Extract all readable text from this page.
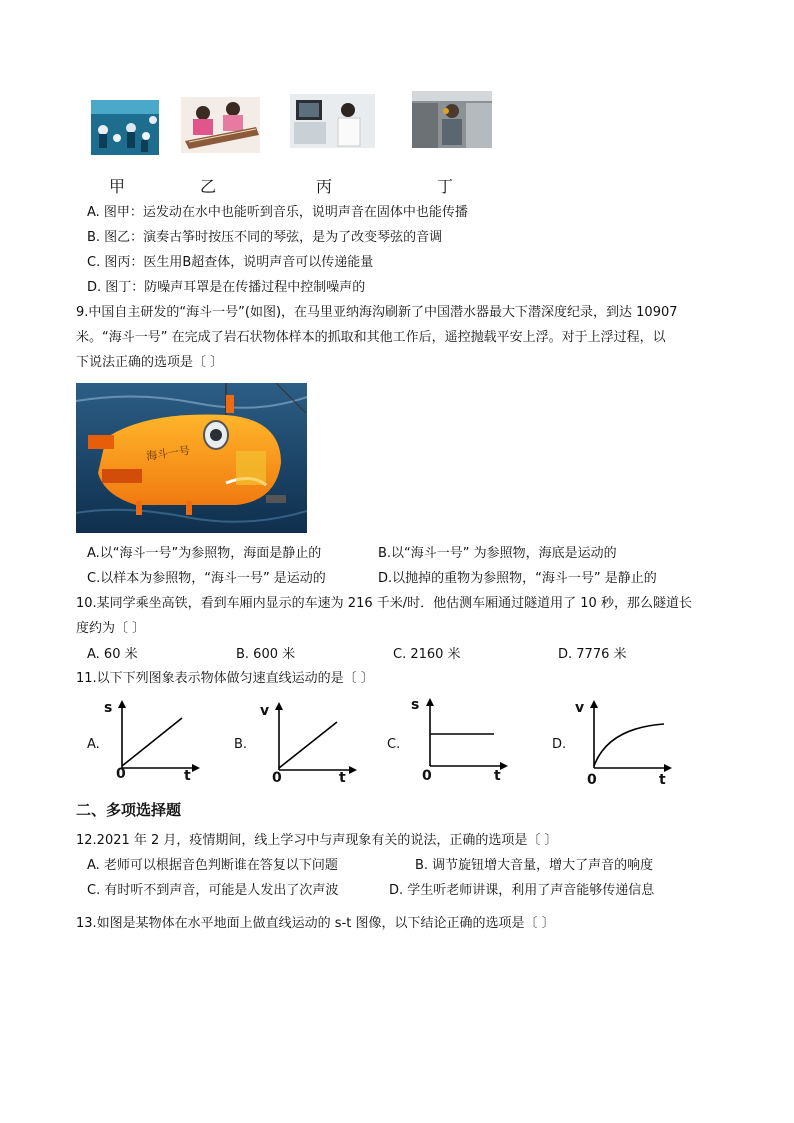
甲	乙	丙	丁
A. 图甲：运发动在水中也能听到音乐，说明声音在固体中也能传播
B. 图乙：演奏古筝时按压不同的琴弦，是为了改变琴弦的音调
C. 图丙：医生用B超查体，说明声音可以传递能量
D. 图丁：防噪声耳罩是在传播过程中控制噪声的
9.中国自主研发的“海斗一号”(如图)，在马里亚纳海沟刷新了中国潜水器最大下潜深度纪录，到达 10907
米。“海斗一号” 在完成了岩石状物体样本的抓取和其他工作后，遥控抛载平安上浮。对于上浮过程，以
下说法正确的选项是〔 〕
海斗一号
A.以“海斗一号”为参照物，海面是静止的	B.以“海斗一号” 为参照物，海底是运动的
C.以样本为参照物，“海斗一号” 是运动的	D.以抛掉的重物为参照物，“海斗一号” 是静止的
10.某同学乘坐高铁，看到车厢内显示的车速为 216 千米/时．他估测车厢通过隧道用了 10 秒，那么隧道长
度约为〔 〕
A. 60 米	B. 600 米	C. 2160 米	D. 7776 米
11.以下下列图象表示物体做匀速直线运动的是〔 〕
A.
s
t
0
B.
v
t
0
C.
s
t
0
D.
v
t
0
二、多项选择题
12.2021 年 2 月，疫情期间，线上学习中与声现象有关的说法，正确的选项是〔 〕
A. 老师可以根据音色判断谁在答复以下问题	B. 调节旋钮增大音量，增大了声音的响度
C. 有时听不到声音，可能是人发出了次声波	D. 学生听老师讲课，利用了声音能够传递信息
13.如图是某物体在水平地面上做直线运动的 s-t 图像，以下结论正确的选项是〔 〕
